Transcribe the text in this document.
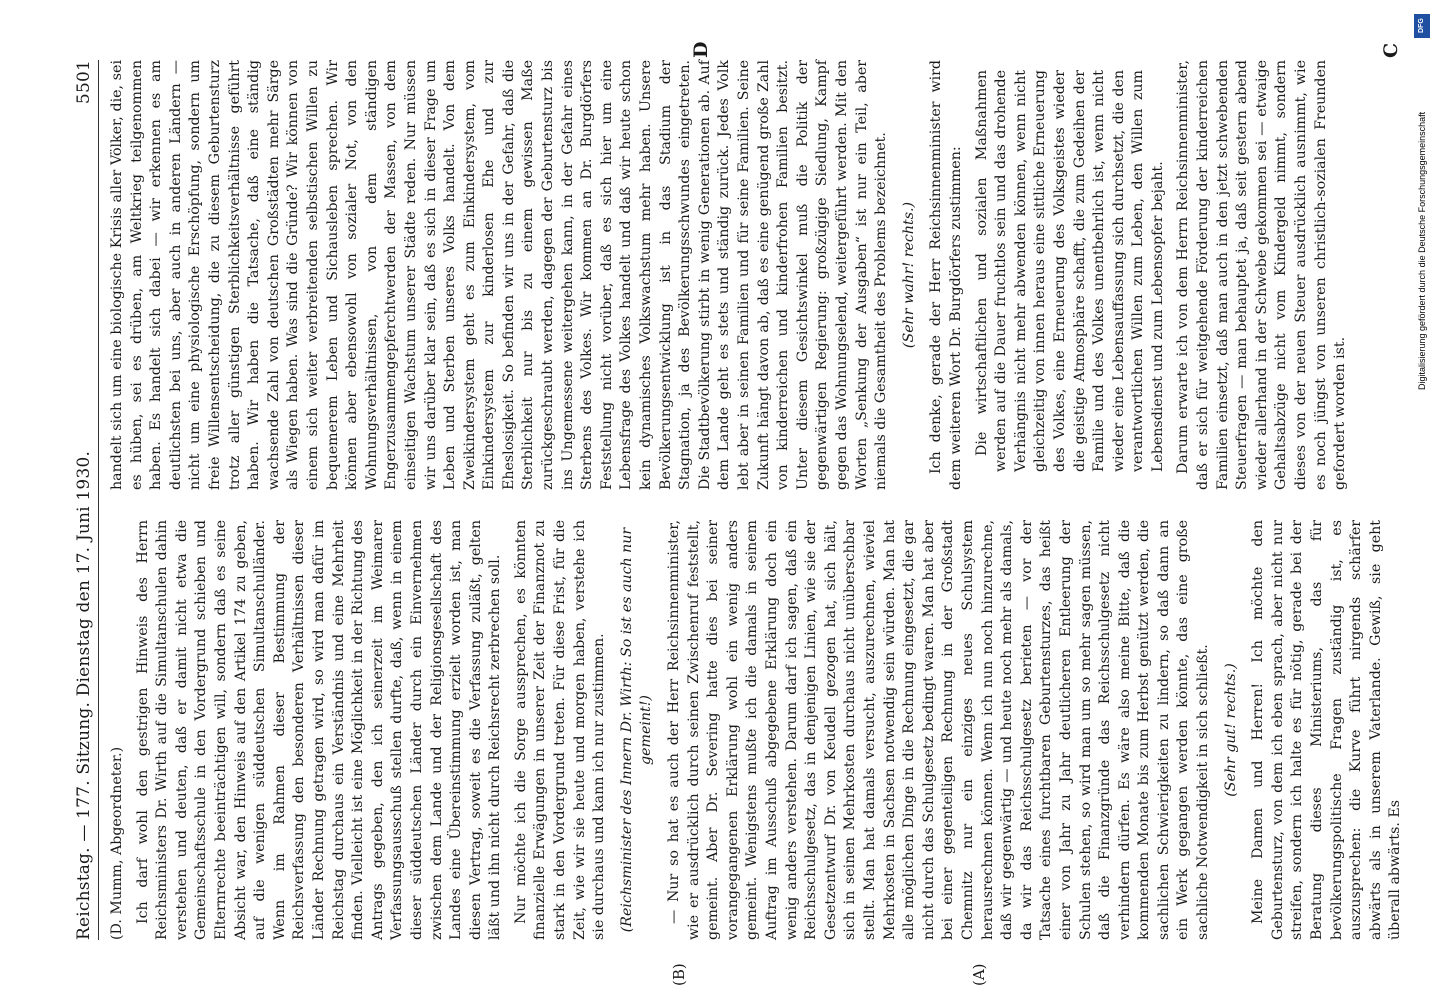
Reichstag. — 177. Sitzung. Dienstag den 17. Juni 1930.
5501

(D. Mumm, Abgeordneter.) Ich darf wohl den gestrigen Hinweis des Herrn Reichsministers Dr. Wirth auf die Simultanschulen dahin verstehen und deuten, daß er damit nicht etwa die Gemeinschaftsschule in den Vordergrund schieben und Elternrechte beeinträchtigen will, sondern daß es seine Absicht war, den Hinweis auf den Artikel 174 zu geben, auf die wenigen süddeutschen Simultanschulländer. Wenn im Rahmen dieser Bestimmung der Reichsverfassung den besonderen Verhältnissen dieser Länder Rechnung getragen wird, so wird man dafür im Reichstag durchaus ein Verständnis und eine Mehrheit finden. Vielleicht ist eine Möglichkeit in der Richtung des Antrags gegeben, den ich seinerzeit im Weimarer Verfassungsausschuß stellen durfte, daß, wenn in einem dieser süddeutschen Länder durch ein Einvernehmen zwischen dem Lande und der Religionsgesellschaft des Landes eine Übereinstimmung erzielt worden ist, man diesen Vertrag, soweit es die Verfassung zuläßt, gelten läßt und ihn nicht durch Reichsrecht zerbrechen soll. Nur möchte ich die Sorge aussprechen, es könnten finanzielle Erwägungen in unserer Zeit der Finanznot zu stark in den Vordergrund treten. Für diese Frist, für die Zeit, wie wir sie heute und morgen haben, verstehe ich sie durchaus und kann ich nur zustimmen. (Reichsminister des Innern Dr. Wirth: So ist es auch nur gemeint!) — Nur so hat es auch der Herr Reichsinnenminister, wie er ausdrücklich durch seinen Zwischenruf feststellt, gemeint. Aber Dr. Severing hatte dies bei seiner vorangegangenen Erklärung wohl ein wenig anders gemeint. Wenigstens mußte ich die damals in seinem Auftrag im Ausschuß abgegebene Erklärung doch ein wenig anders verstehen. Darum darf ich sagen, daß ein Reichsschulgesetz, das in denjenigen Linien, wie sie der Gesetzentwurf Dr. von Keudell gezogen hat, sich hält, sich in seinen Mehrkosten durchaus nicht unüberschbar stellt. Man hat damals versucht, auszurechnen, wieviel Mehrkosten in Sachsen notwendig sein würden. Man hat alle möglichen Dinge in die Rechnung eingesetzt, die gar nicht durch das Schulgesetz bedingt waren. Man hat aber bei einer gegenteiligen Rechnung in der Großstadt Chemnitz nur ein einziges neues Schulsystem herausrechnen können. Wenn ich nun noch hinzurechne, daß wir gegenwärtig — und heute noch mehr als damals, da wir das Reichsschulgesetz berieten — vor der Tatsache eines furchtbaren Geburtensturzes, das heißt einer von Jahr zu Jahr deutlicheren Entleerung der Schulen stehen, so wird man um so mehr sagen müssen, daß die Finanzgründe das Reichsschulgesetz nicht verhindern dürfen. Es wäre also meine Bitte, daß die kommenden Monate bis zum Herbst genützt werden, die sachlichen Schwierigkeiten zu lindern, so daß dann an ein Werk gegangen werden könnte, das eine große sachliche Notwendigkeit in sich schließt. (Sehr gut! rechts.) Meine Damen und Herren! Ich möchte den Geburtensturz, von dem ich eben sprach, aber nicht nur streifen, sondern ich halte es für nötig, gerade bei der Beratung dieses Ministeriums, das für bevölkerungspolitische Fragen zuständig ist, es auszusprechen: die Kurve führt nirgends schärfer abwärts als in unserem Vaterlande. Gewiß, sie geht überall abwärts. Es

handelt sich um eine biologische Krisis aller Völker, die, sei es hüben, sei es drüben, am Weltkrieg teilgenommen haben. Es handelt sich dabei — wir erkennen es am deutlichsten bei uns, aber auch in anderen Ländern — nicht um eine physiologische Erschöpfung, sondern um freie Willensentscheidung, die zu diesem Geburtensturz trotz aller günstigen Sterblichkeitsverhältnisse geführt haben. Wir haben die Tatsache, daß eine ständig wachsende Zahl von deutschen Großstädten mehr Särge als Wiegen haben. Was sind die Gründe? Wir können von einem sich weiter verbreitenden selbstischen Willen zu bequemerem Leben und Sichausleben sprechen. Wir können aber ebensowohl von sozialer Not, von den Wohnungsverhältnissen, von dem ständigen Engerzusammengepferchtwerden der Massen, von dem einseitigen Wachstum unserer Städte reden. Nur müssen wir uns darüber klar sein, daß es sich in dieser Frage um Leben und Sterben unseres Volks handelt. Von dem Zweikindersystem geht es zum Einkindersystem, vom Einkindersystem zur kinderlosen Ehe und zur Eheslosigkeit. So befinden wir uns in der Gefahr, daß die Sterblichkeit nur bis zu einem gewissen Maße zurückgeschraubt werden, dagegen der Geburtensturz bis ins Ungemessene weitergehen kann, in der Gefahr eines Sterbens des Volkes. Wir kommen an Dr. Burgdörfers Feststellung nicht vorüber, daß es sich hier um eine Lebensfrage des Volkes handelt und daß wir heute schon kein dynamisches Volkswachstum mehr haben. Unsere Bevölkerungsentwicklung ist in das Stadium der Stagnation, ja des Bevölkerungsschwundes eingetreten. Die Stadtbevölkerung stirbt in wenig Generationen ab. Auf dem Lande geht es stets und ständig zurück. Jedes Volk lebt aber in seinen Familien und für seine Familien. Seine Zukunft hängt davon ab, daß es eine genügend große Zahl von kinderreichen und kinderfrohen Familien besitzt. Unter diesem Gesichtswinkel muß die Politik der gegenwärtigen Regierung: großzügige Siedlung, Kampf gegen das Wohnungselend, weitergeführt werden. Mit den Worten „Senkung der Ausgaben“ ist nur ein Teil, aber niemals die Gesamtheit des Problems bezeichnet. (Sehr wahr! rechts.) Ich denke, gerade der Herr Reichsinnenminister wird dem weiteren Wort Dr. Burgdörfers zustimmen: Die wirtschaftlichen und sozialen Maßnahmen werden auf die Dauer fruchtlos sein und das drohende Verhängnis nicht mehr abwenden können, wenn nicht gleichzeitig von innen heraus eine sittliche Erneuerung des Volkes, eine Erneuerung des Volksgeistes wieder die geistige Atmosphäre schafft, die zum Gedeihen der Familie und des Volkes unentbehrlich ist, wenn nicht wieder eine Lebensauffassung sich durchsetzt, die den verantwortlichen Willen zum Leben, den Willen zum Lebensdienst und zum Lebensopfer bejaht. Darum erwarte ich von dem Herrn Reichsinnenminister, daß er sich für weitgehende Förderung der kinderreichen Familien einsetzt, daß man auch in den jetzt schwebenden Steuerfragen — man behauptet ja, daß seit gestern abend wieder allerhand in der Schwebe gekommen sei — etwaige Gehaltsabzüge nicht vom Kindergeld nimmt, sondern dieses von der neuen Steuer ausdrücklich ausnimmt, wie es noch jüngst von unseren christlich-sozialen Freunden gefordert worden ist.

(A)
(B)
C
D
Digitalisierung gefördert durch die Deutsche Forschungsgemeinschaft
DFG
